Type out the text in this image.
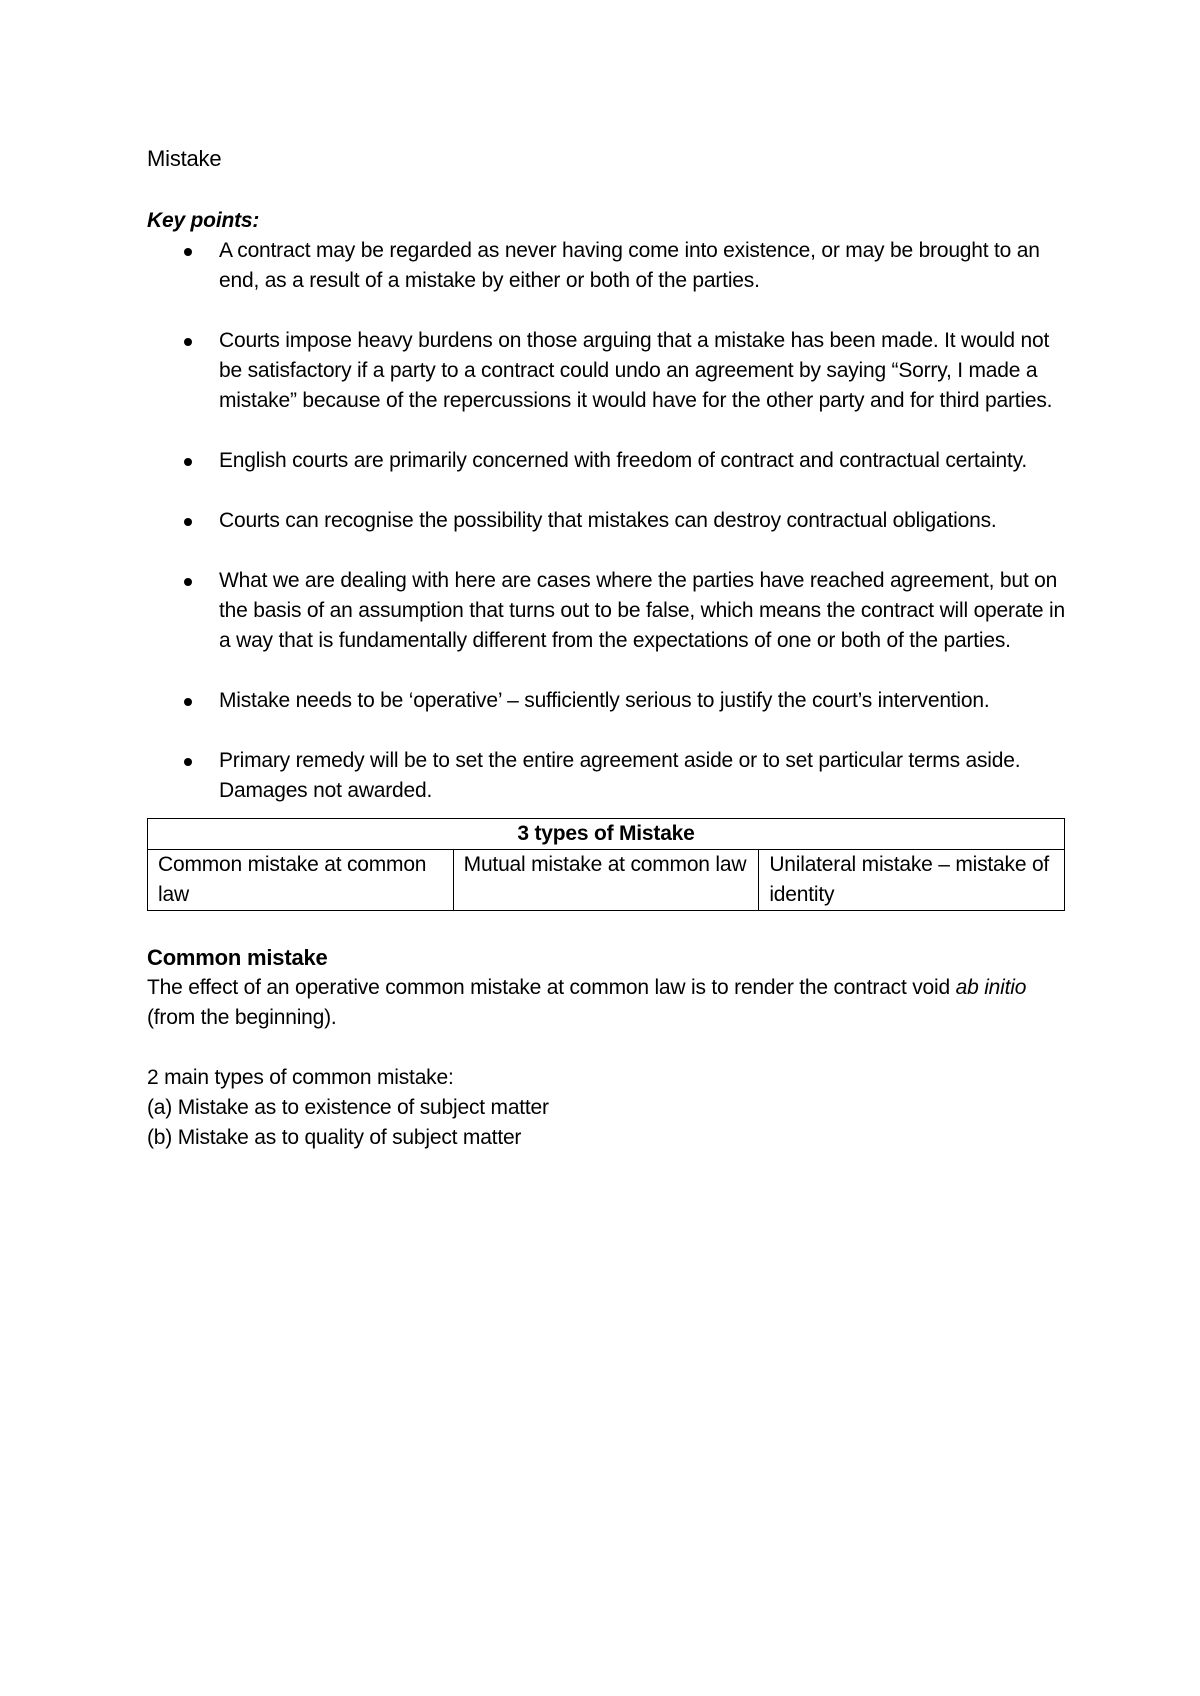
Mistake
Key points:
A contract may be regarded as never having come into existence, or may be brought to an end, as a result of a mistake by either or both of the parties.
Courts impose heavy burdens on those arguing that a mistake has been made. It would not be satisfactory if a party to a contract could undo an agreement by saying “Sorry, I made a mistake” because of the repercussions it would have for the other party and for third parties.
English courts are primarily concerned with freedom of contract and contractual certainty.
Courts can recognise the possibility that mistakes can destroy contractual obligations.
What we are dealing with here are cases where the parties have reached agreement, but on the basis of an assumption that turns out to be false, which means the contract will operate in a way that is fundamentally different from the expectations of one or both of the parties.
Mistake needs to be ‘operative’ – sufficiently serious to justify the court’s intervention.
Primary remedy will be to set the entire agreement aside or to set particular terms aside. Damages not awarded.
3 types of Mistake
Common mistake at common law	Mutual mistake at common law	Unilateral mistake – mistake of identity
Common mistake

The effect of an operative common mistake at common law is to render the contract void ab initio (from the beginning).

2 main types of common mistake:

(a) Mistake as to existence of subject matter

(b) Mistake as to quality of subject matter
